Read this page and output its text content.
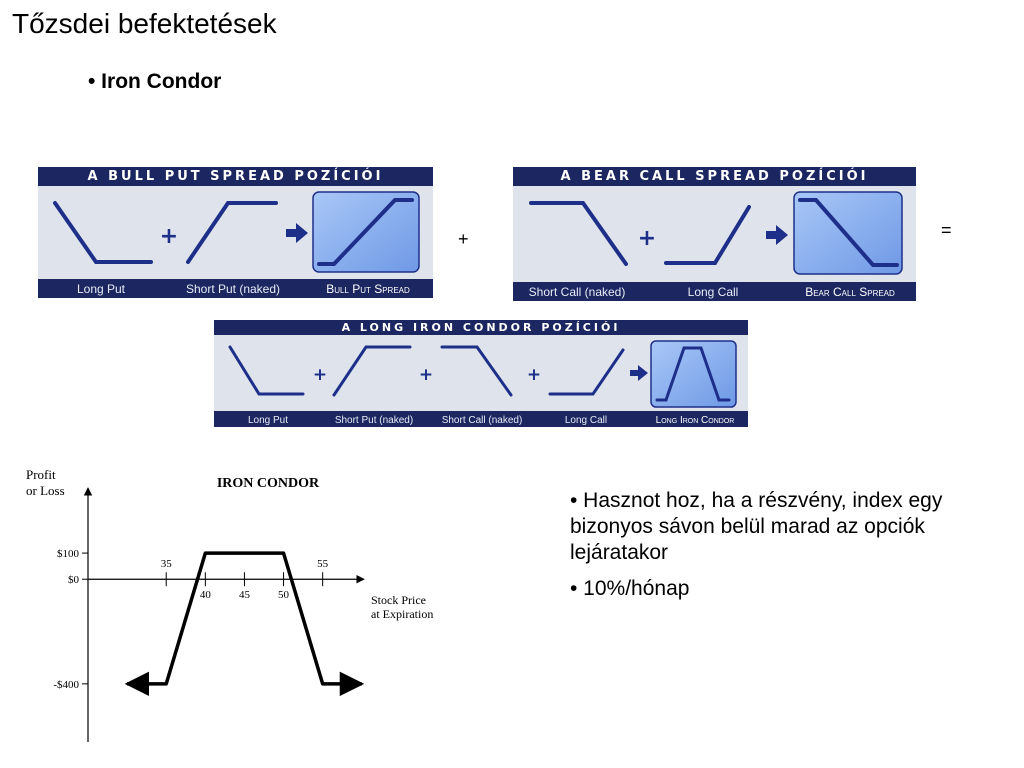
Tőzsdei befektetések
• Iron Condor
A BULL PUT SPREAD POZÍCIÓI
+
Long Put	Short Put (naked)	Bull Put Spread
+
A BEAR CALL SPREAD POZÍCIÓI
+
Short Call (naked)	Long Call	Bear Call Spread
=
A LONG IRON CONDOR POZÍCIÓI
+	+	+
Long Put	Short Put (naked)	Short Call (naked)	Long Call	Long Iron Condor
IRON CONDOR
Profit
or Loss
$100
$0
-$400
35	55
40	45	50	Stock Price
at Expiration

• Hasznot hoz, ha a részvény, index egy bizonyos sávon belül marad az opciók lejáratakor

• 10%/hónap
